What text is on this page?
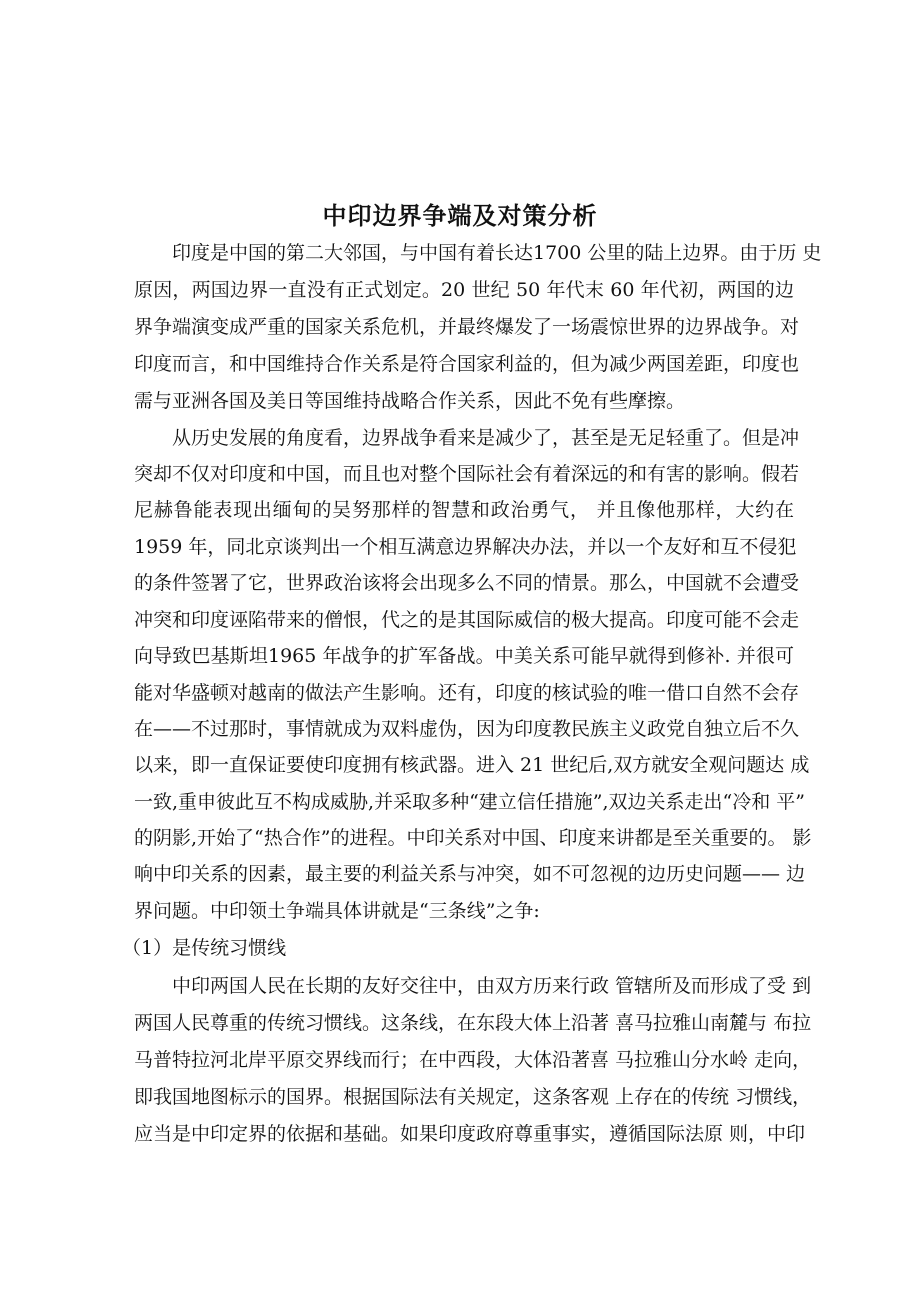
中印边界争端及对策分析
印度是中国的第二大邻国，与中国有着长达1700 公里的陆上边界。由于历 史
原因，两国边界一直没有正式划定。20 世纪 50 年代末 60 年代初，两国的边
界争端演变成严重的国家关系危机，并最终爆发了一场震惊世界的边界战争。对
印度而言，和中国维持合作关系是符合国家利益的，但为减少两国差距，印度也
需与亚洲各国及美日等国维持战略合作关系，因此不免有些摩擦。
从历史发展的角度看，边界战争看来是减少了，甚至是无足轻重了。但是冲
突却不仅对印度和中国，而且也对整个国际社会有着深远的和有害的影响。假若
尼赫鲁能表现出缅甸的吴努那样的智慧和政治勇气， 并且像他那样，大约在
1959 年，同北京谈判出一个相互满意边界解决办法，并以一个友好和互不侵犯
的条件签署了它，世界政治该将会出现多么不同的情景。那么，中国就不会遭受
冲突和印度诬陷带来的僧恨，代之的是其国际威信的极大提高。印度可能不会走
向导致巴基斯坦1965 年战争的扩军备战。中美关系可能早就得到修补. 并很可
能对华盛顿对越南的做法产生影响。还有，印度的核试验的唯一借口自然不会存
在——不过那时，事情就成为双料虚伪，因为印度教民族主义政党自独立后不久
以来，即一直保证要使印度拥有核武器。进入 21 世纪后,双方就安全观问题达 成
一致,重申彼此互不构成威胁,并采取多种“建立信任措施”,双边关系走出“冷和 平”
的阴影,开始了“热合作”的进程。中印关系对中国、印度来讲都是至关重要的。 影
响中印关系的因素，最主要的利益关系与冲突，如不可忽视的边历史问题—— 边
界问题。中印领土争端具体讲就是“三条线”之争:
（1）是传统习惯线
中印两国人民在长期的友好交往中，由双方历来行政 管辖所及而形成了受 到
两国人民尊重的传统习惯线。这条线，在东段大体上沿著 喜马拉雅山南麓与 布拉
马普特拉河北岸平原交界线而行；在中西段，大体沿著喜 马拉雅山分水岭 走向，
即我国地图标示的国界。根据国际法有关规定，这条客观 上存在的传统 习惯线，
应当是中印定界的依据和基础。如果印度政府尊重事实，遵循国际法原 则，中印
